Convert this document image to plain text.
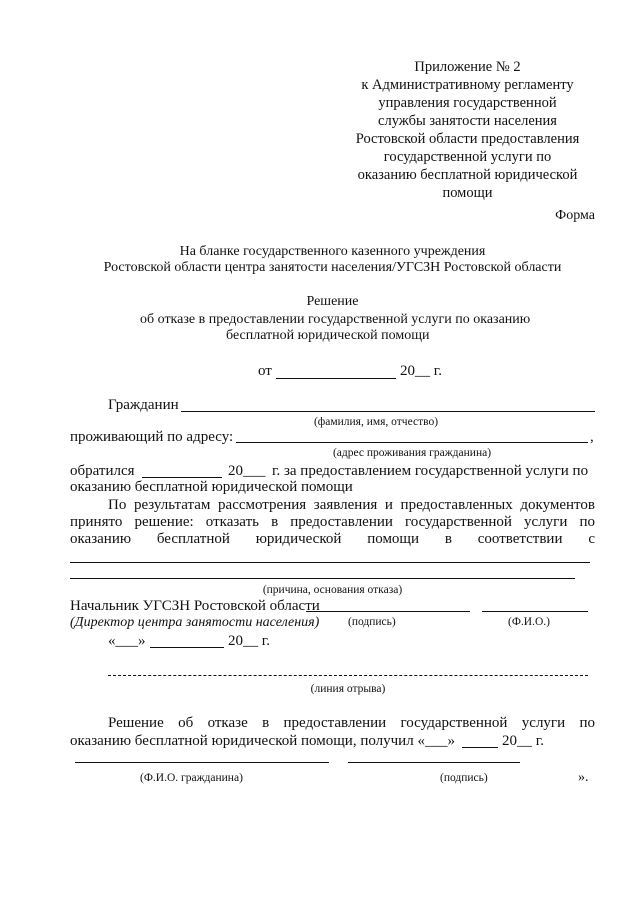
Приложение № 2
к Административному регламенту
управления государственной
службы занятости населения
Ростовской области предоставления
государственной услуги по
оказанию бесплатной юридической
помощи
Форма
На бланке государственного казенного учреждения
Ростовской области центра занятости населения/УГСЗН Ростовской области
Решение
об отказе в предоставлении государственной услуги по оказанию
бесплатной юридической помощи
от	20__ г.
Гражданин
(фамилия, имя, отчество)
проживающий по адресу:	,
(адрес проживания гражданина)
обратился	20___ г. за предоставлением государственной услуги по
оказанию бесплатной юридической помощи
По результатам рассмотрения заявления и предоставленных документов
принято решение: отказать в предоставлении государственной услуги по
оказанию бесплатной юридической помощи в соответствии с
(причина, основания отказа)
Начальник УГСЗН Ростовской области
(Директор центра занятости населения) (подпись)	(Ф.И.О.)
«___»	20__ г.
(линия отрыва)
Решение об отказе в предоставлении государственной услуги по
оказанию бесплатной юридической помощи, получил «___»	20__ г.
(Ф.И.О. гражданина)	(подпись)	».
